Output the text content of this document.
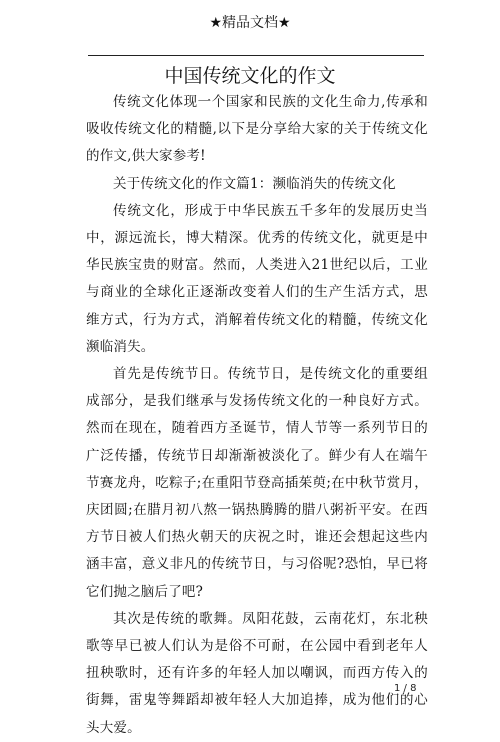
★精品文档★
中国传统文化的作文

传统文化体现一个国家和民族的文化生命力,传承和吸收传统文化的精髓,以下是分享给大家的关于传统文化的作文,供大家参考!

关于传统文化的作文篇1：濒临消失的传统文化

传统文化，形成于中华民族五千多年的发展历史当中，源远流长，博大精深。优秀的传统文化，就更是中华民族宝贵的财富。然而，人类进入21世纪以后，工业与商业的全球化正逐渐改变着人们的生产生活方式，思维方式，行为方式，消解着传统文化的精髓，传统文化濒临消失。

首先是传统节日。传统节日，是传统文化的重要组成部分，是我们继承与发扬传统文化的一种良好方式。然而在现在，随着西方圣诞节，情人节等一系列节日的广泛传播，传统节日却渐渐被淡化了。鲜少有人在端午节赛龙舟，吃粽子;在重阳节登高插茱萸;在中秋节赏月，庆团圆;在腊月初八熬一锅热腾腾的腊八粥祈平安。在西方节日被人们热火朝天的庆祝之时，谁还会想起这些内涵丰富，意义非凡的传统节日，与习俗呢?恐怕，早已将它们抛之脑后了吧?

其次是传统的歌舞。凤阳花鼓，云南花灯，东北秧歌等早已被人们认为是俗不可耐，在公园中看到老年人扭秧歌时，还有许多的年轻人加以嘲讽，而西方传入的街舞，雷鬼等舞蹈却被年轻人大加追捧，成为他们的心头大爱。

1 / 8
